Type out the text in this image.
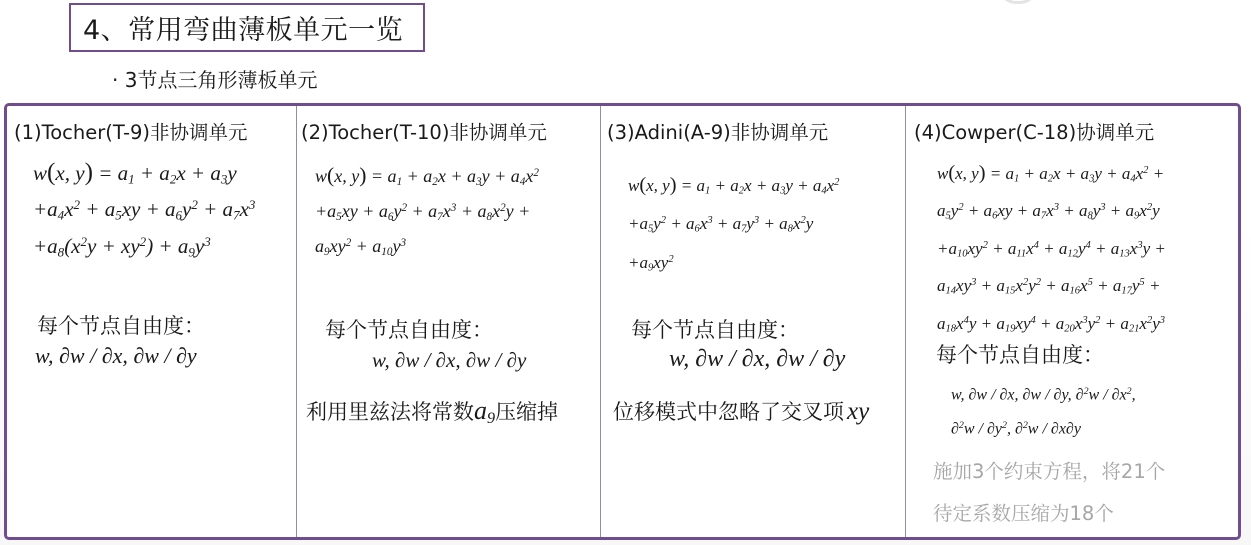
4、常用弯曲薄板单元一览
· 3节点三角形薄板单元
(1)Tocher(T-9)非协调单元
w(x, $y) = a_1 + a_2x + a_3y$
$+a_4x^2 + a_5xy + a_6y^2 + a_7x^3$
$+a_8(x^2y + xy^2) + a_9y^3$
每个节点自由度：
w, ∂w / ∂x, ∂w / ∂y
(2)Tocher(T-10)非协调单元
w(x, $y) = a_1 + a_2x + a_3y + a_4x^2$
$+a_5xy + a_6y^2 + a_7x^3 + a_8x^2y$ +
$a_9xy^2 + a_{10}y^3$
每个节点自由度：
w, ∂w / ∂x, ∂w / ∂y
利用里兹法将常数$a_9$压缩掉
(3)Adini(A-9)非协调单元
w(x, $y) = a_1 + a_2x + a_3y + a_4x^2$
$+a_5y^2 + a_6x^3 + a_7y^3 + a_8x^2y$
$+a_9xy^2$
每个节点自由度：
w, ∂w / ∂x, ∂w / ∂y
位移模式中忽略了交叉项 xy
(4)Cowper(C-18)协调单元
w(x, $y) = a_1 + a_2x + a_3y + a_4x^2$ +
$a_5y^2 + a_6xy + a_7x^3 + a_8y^3 + a_9x^2y$
$+a_{10}xy^2 + a_{11}x^4 + a_{12}y^4 + a_{13}x^3y$ +
$a_{14}xy^3 + a_{15}x^2y^2 + a_{16}x^5 + a_{17}y^5$ +
$a_{18}x^4y + a_{19}xy^4 + a_{20}x^3y^2 + a_{21}x^2y^3$
每个节点自由度：
w, ∂w / ∂x, ∂w / ∂y, $\partial^2w / \partial x^2$,
$\partial^2w / \partial y^2$, ∂$^2$w / ∂x∂y
施加3个约束方程，将21个
待定系数压缩为18个
